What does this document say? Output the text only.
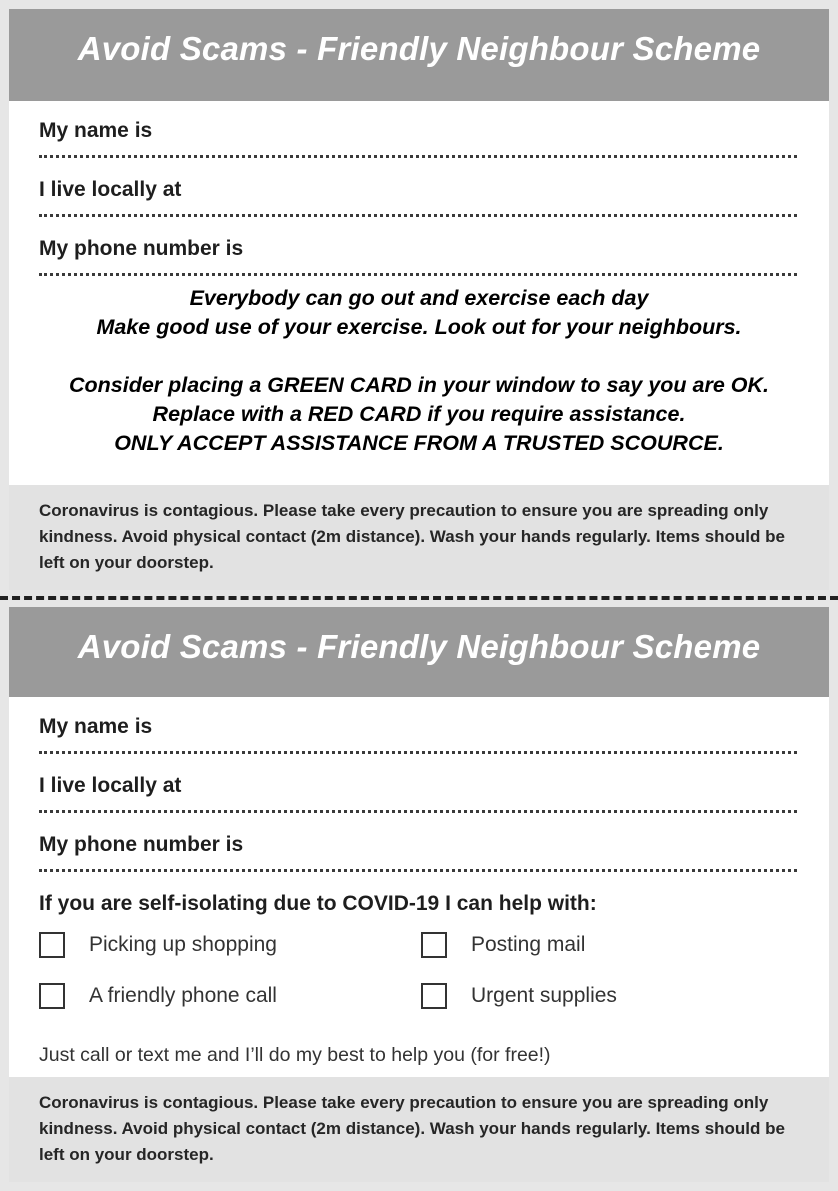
Avoid Scams - Friendly Neighbour Scheme
My name is
I live locally at
My phone number is
Everybody can go out and exercise each day
Make good use of your exercise. Look out for your neighbours.
Consider placing a GREEN CARD in your window to say you are OK.
Replace with a RED CARD if you require assistance.
ONLY ACCEPT ASSISTANCE FROM A TRUSTED SCOURCE.
Coronavirus is contagious. Please take every precaution to ensure you are spreading only kindness. Avoid physical contact (2m distance). Wash your hands regularly. Items should be left on your doorstep.
Avoid Scams - Friendly Neighbour Scheme
My name is
I live locally at
My phone number is
If you are self-isolating due to COVID-19 I can help with:
Picking up shopping	Posting mail
A friendly phone call	Urgent supplies
Just call or text me and I’ll do my best to help you (for free!)
Coronavirus is contagious. Please take every precaution to ensure you are spreading only kindness. Avoid physical contact (2m distance). Wash your hands regularly. Items should be left on your doorstep.
